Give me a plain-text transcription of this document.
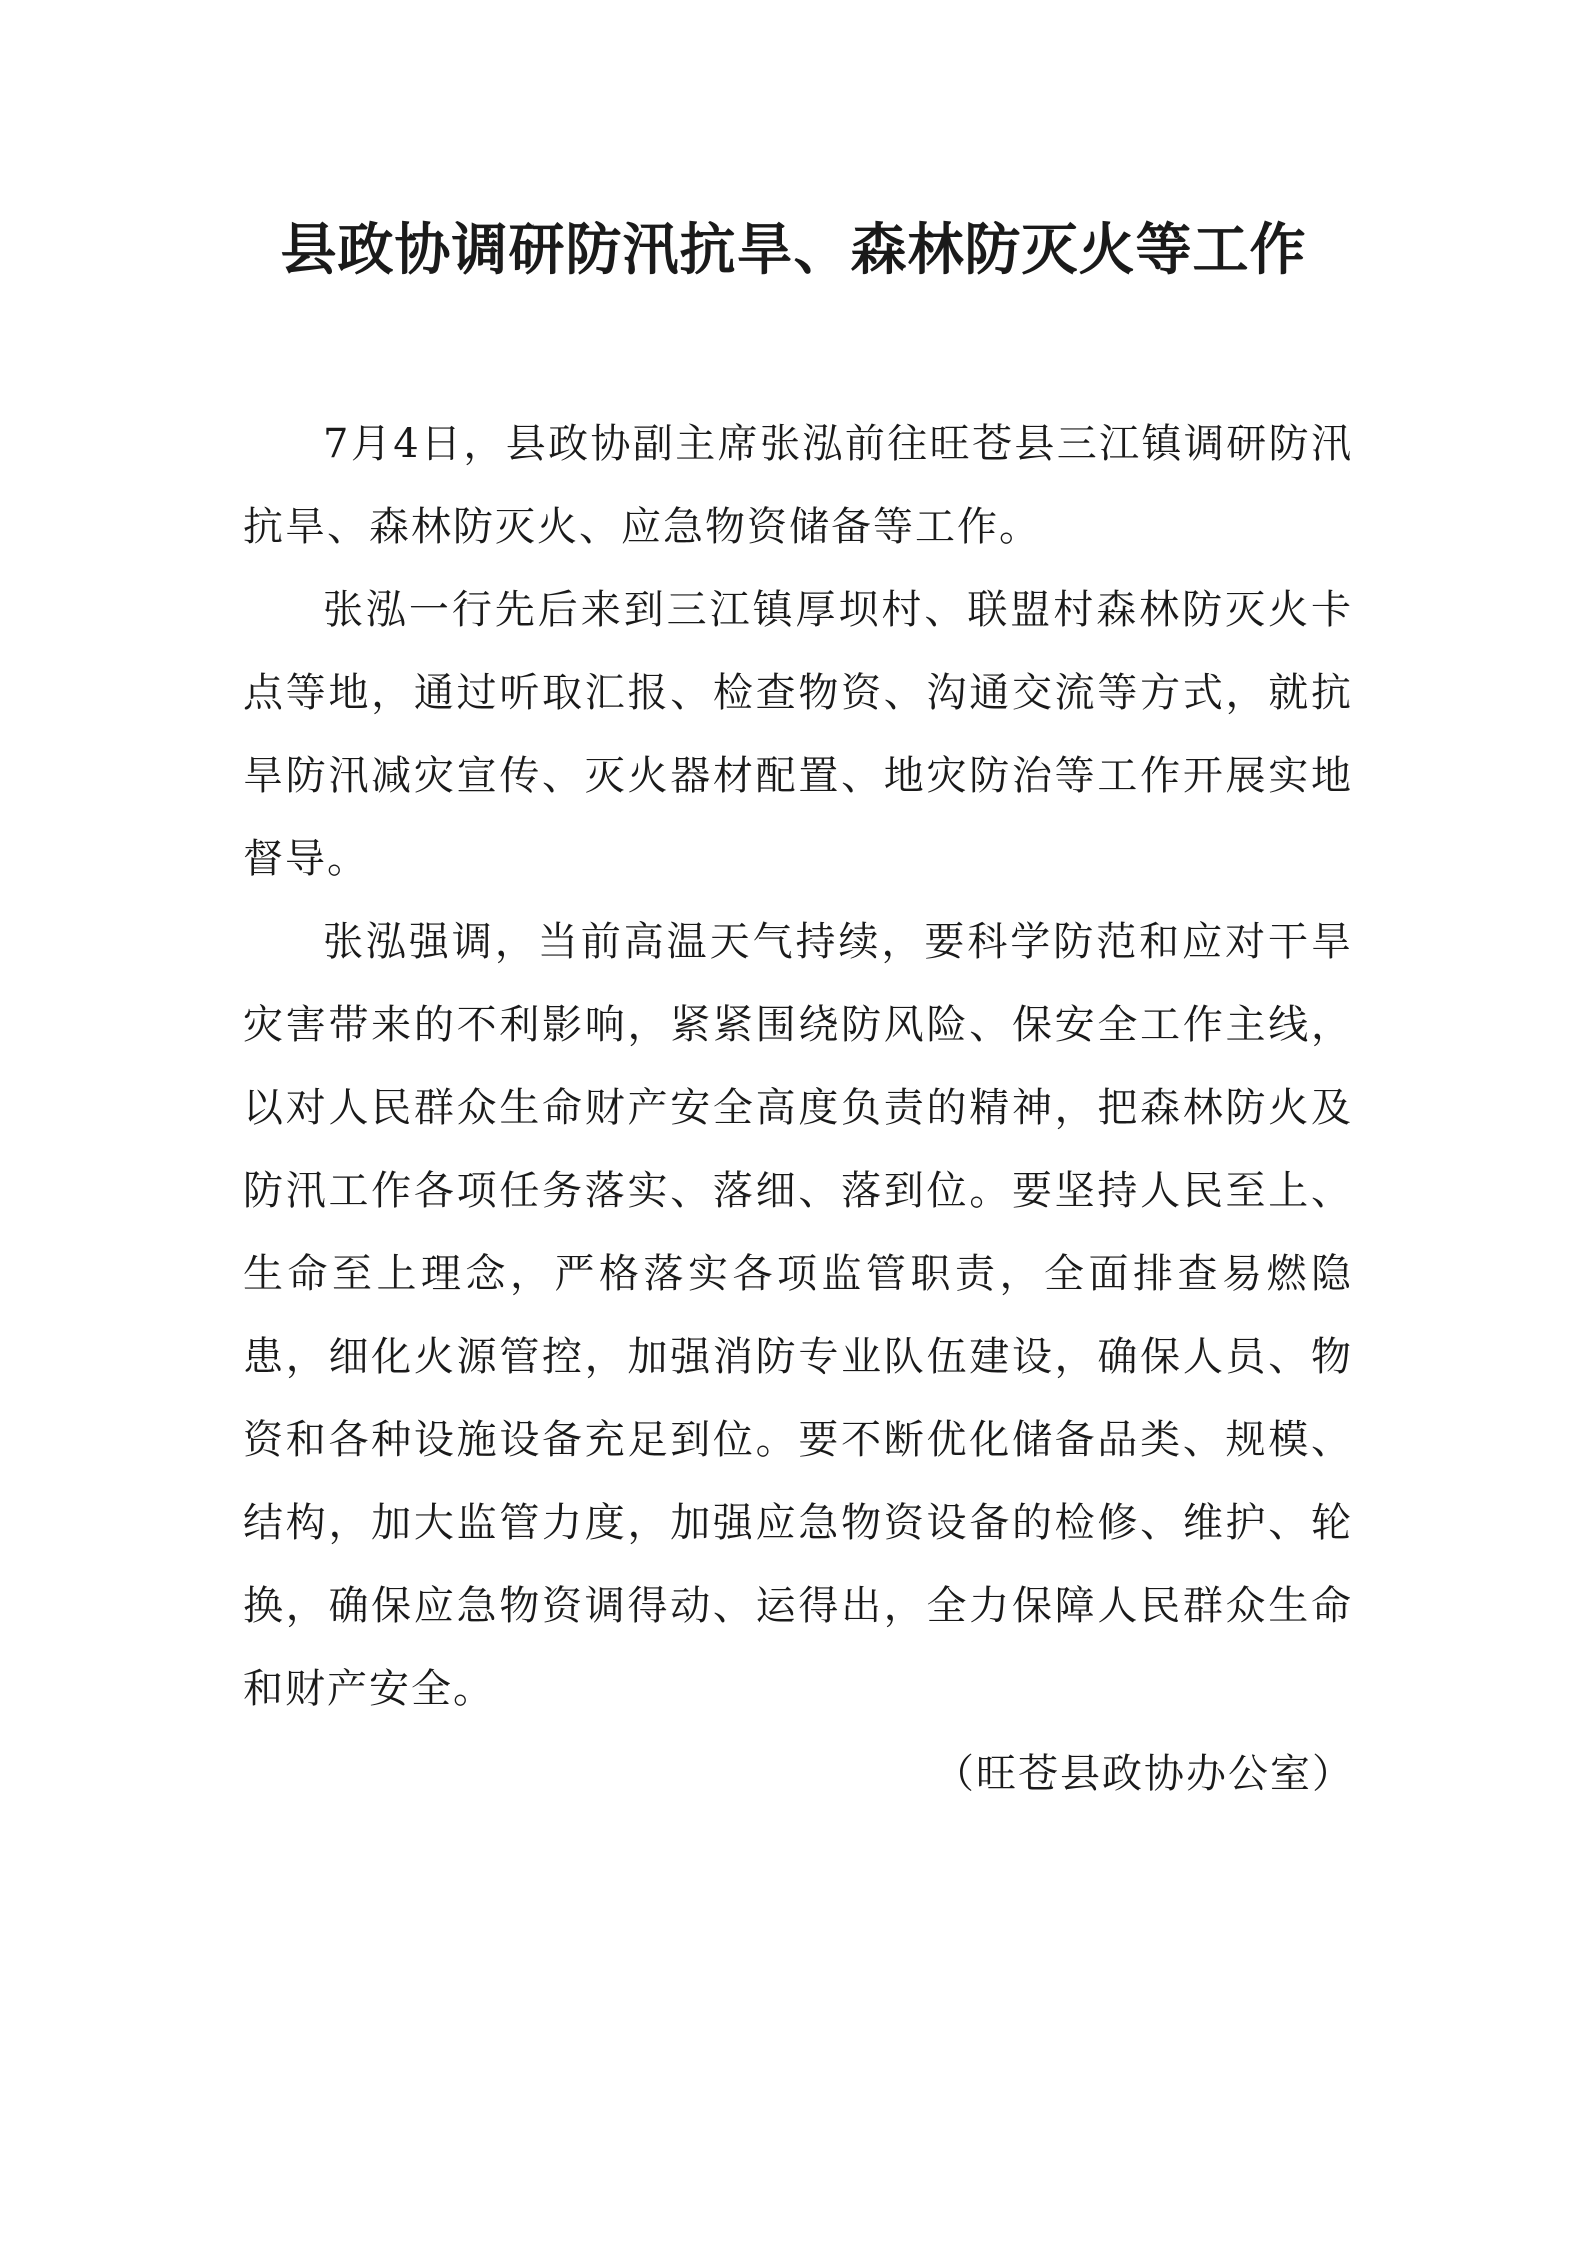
县政协调研防汛抗旱、森林防灭火等工作

7月4日，县政协副主席张泓前往旺苍县三江镇调研防汛抗旱、森林防灭火、应急物资储备等工作。

张泓一行先后来到三江镇厚坝村、联盟村森林防灭火卡点等地，通过听取汇报、检查物资、沟通交流等方式，就抗旱防汛减灾宣传、灭火器材配置、地灾防治等工作开展实地督导。

张泓强调，当前高温天气持续，要科学防范和应对干旱灾害带来的不利影响，紧紧围绕防风险、保安全工作主线，以对人民群众生命财产安全高度负责的精神，把森林防火及防汛工作各项任务落实、落细、落到位。要坚持人民至上、生命至上理念，严格落实各项监管职责，全面排查易燃隐患，细化火源管控，加强消防专业队伍建设，确保人员、物资和各种设施设备充足到位。要不断优化储备品类、规模、结构，加大监管力度，加强应急物资设备的检修、维护、轮换，确保应急物资调得动、运得出，全力保障人民群众生命和财产安全。

（旺苍县政协办公室）
